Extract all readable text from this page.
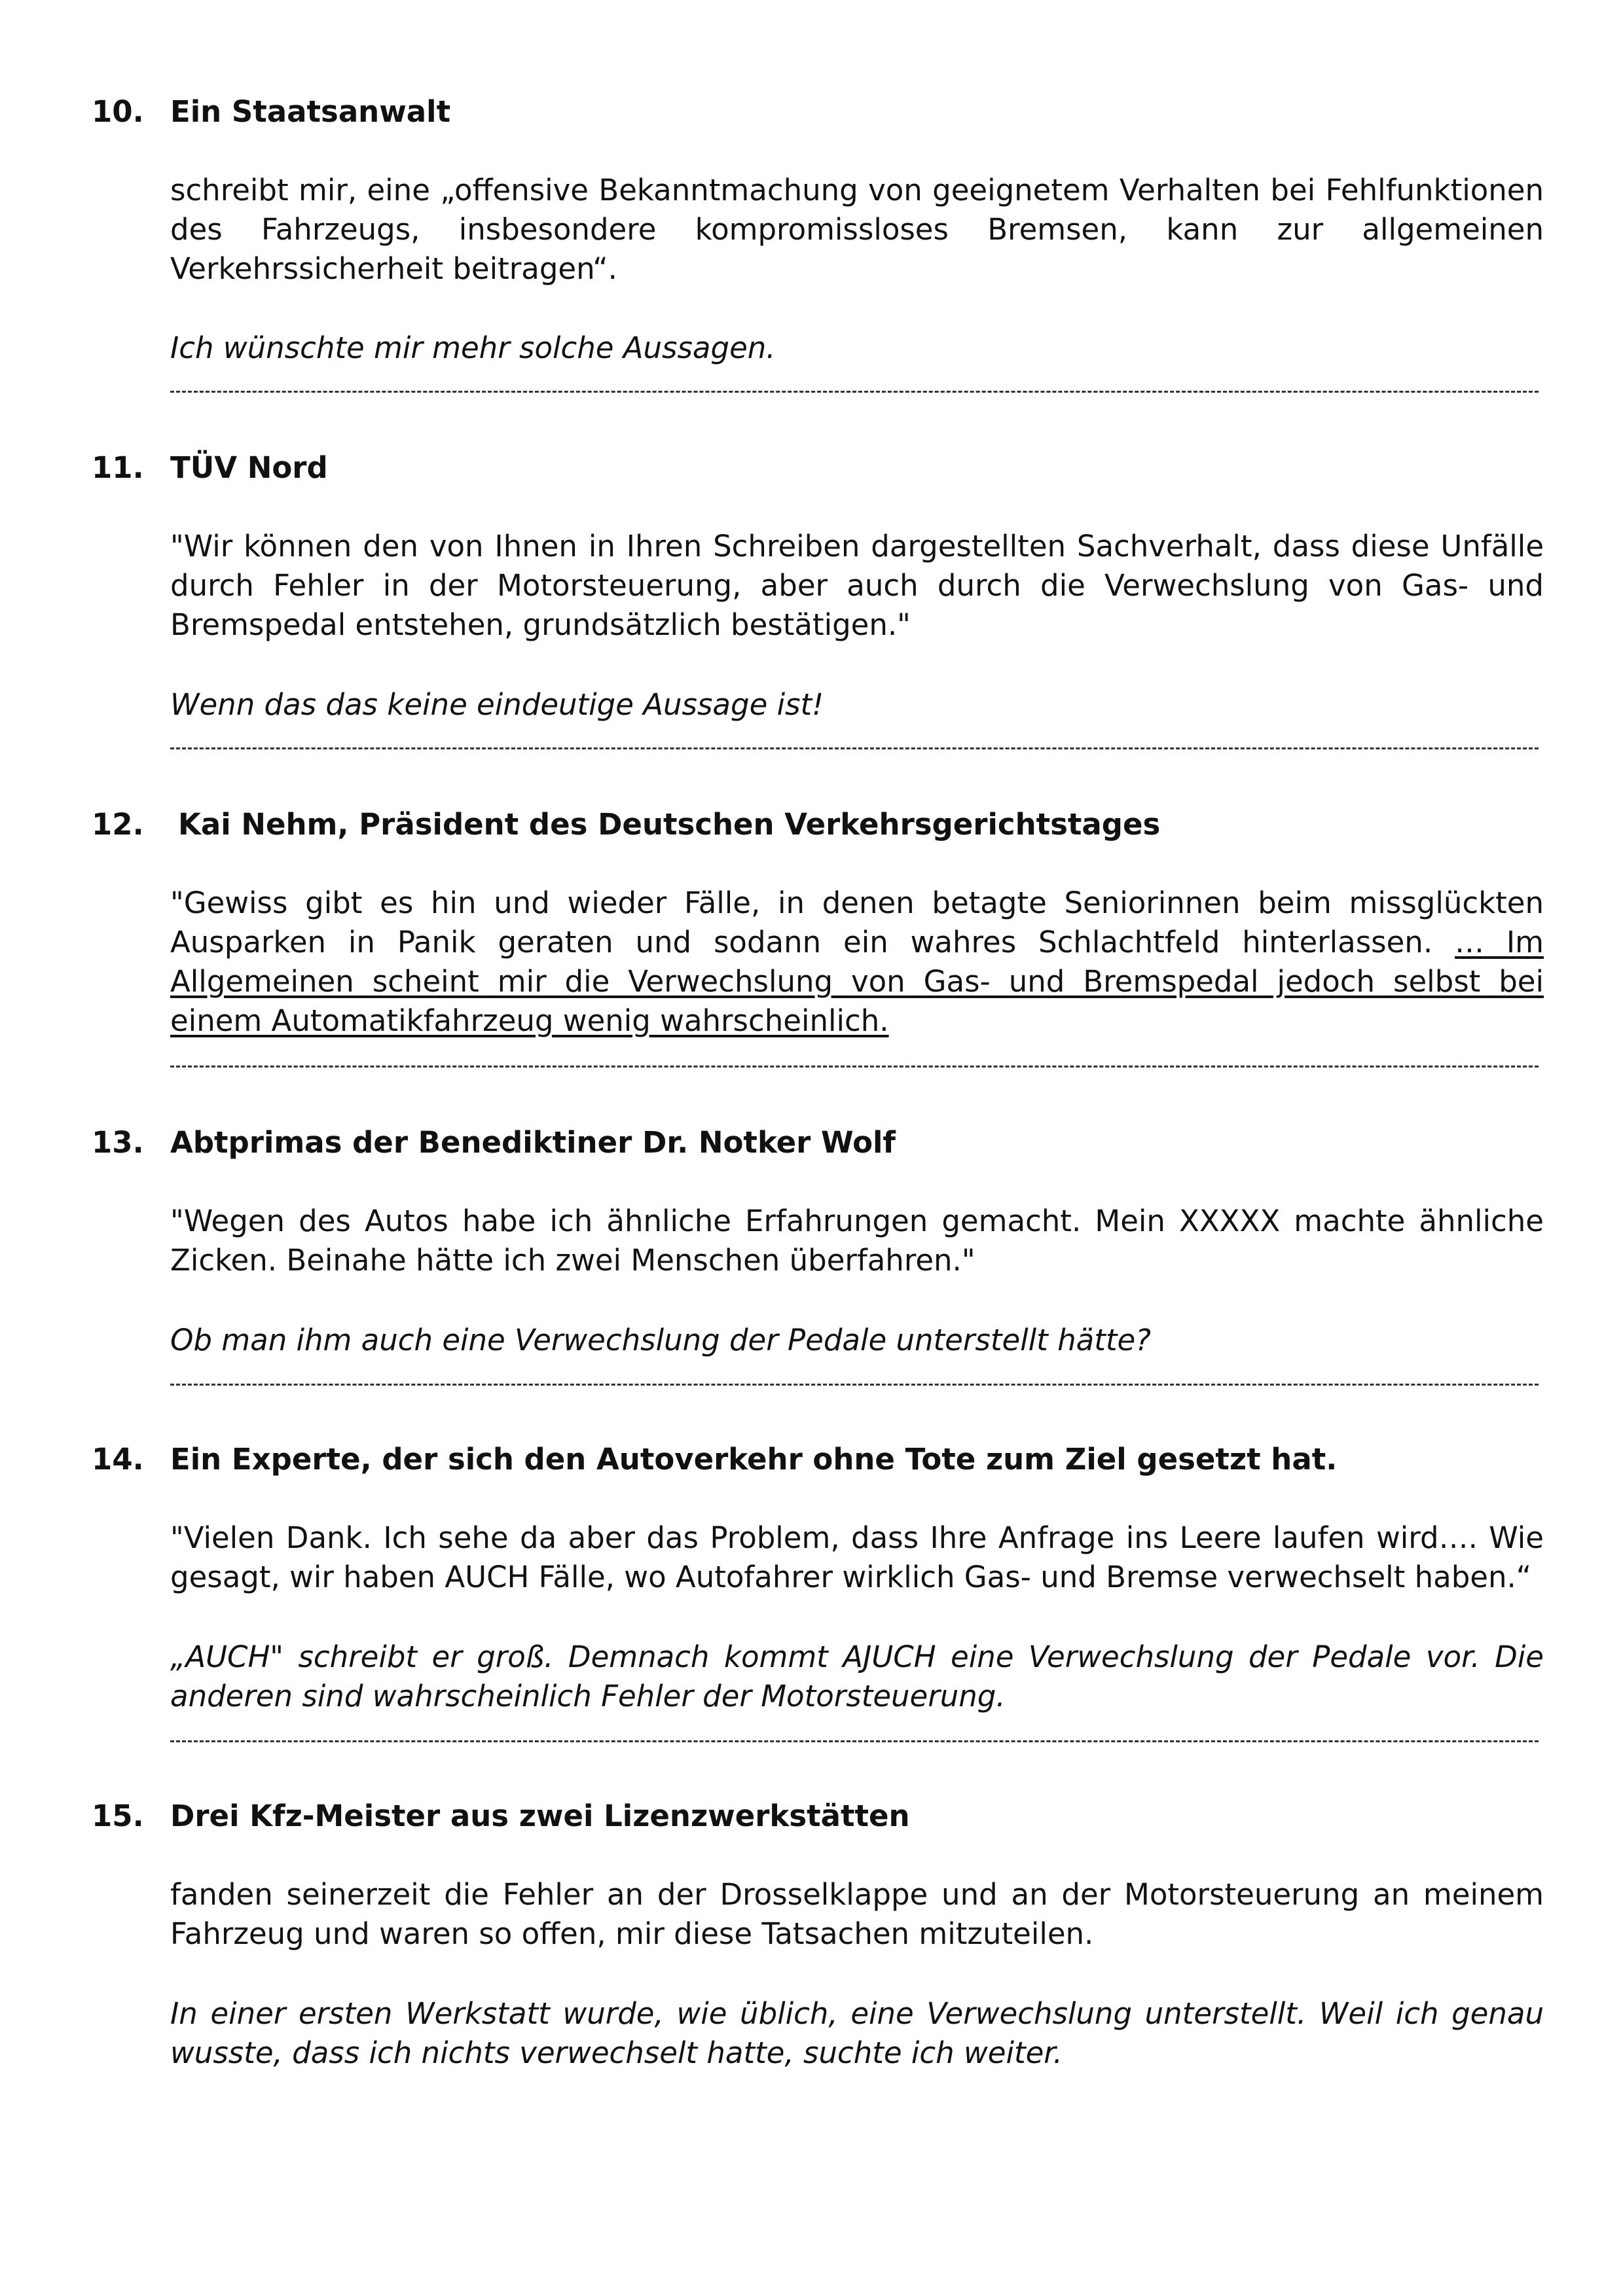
10. Ein Staatsanwalt

schreibt mir, eine „offensive Bekanntmachung von geeignetem Verhalten bei Fehlfunktionen des Fahrzeugs, insbesondere kompromissloses Bremsen, kann zur allgemeinen Verkehrssicherheit beitragen“.

Ich wünschte mir mehr solche Aussagen.

11. TÜV Nord

"Wir können den von Ihnen in Ihren Schreiben dargestellten Sachverhalt, dass diese Unfälle durch Fehler in der Motorsteuerung, aber auch durch die Verwechslung von Gas- und Bremspedal entstehen, grundsätzlich bestätigen."

Wenn das das keine eindeutige Aussage ist!

12. Kai Nehm, Präsident des Deutschen Verkehrsgerichtstages

"Gewiss gibt es hin und wieder Fälle, in denen betagte Seniorinnen beim missglückten Ausparken in Panik geraten und sodann ein wahres Schlachtfeld hinterlassen. … Im Allgemeinen scheint mir die Verwechslung von Gas- und Bremspedal jedoch selbst bei einem Automatikfahrzeug wenig wahrscheinlich.

13. Abtprimas der Benediktiner Dr. Notker Wolf

"Wegen des Autos habe ich ähnliche Erfahrungen gemacht. Mein XXXXX machte ähnliche Zicken. Beinahe hätte ich zwei Menschen überfahren."

Ob man ihm auch eine Verwechslung der Pedale unterstellt hätte?

14. Ein Experte, der sich den Autoverkehr ohne Tote zum Ziel gesetzt hat.

"Vielen Dank. Ich sehe da aber das Problem, dass Ihre Anfrage ins Leere laufen wird…. Wie gesagt, wir haben AUCH Fälle, wo Autofahrer wirklich Gas- und Bremse verwechselt haben.“

„AUCH" schreibt er groß. Demnach kommt AJUCH eine Verwechslung der Pedale vor. Die anderen sind wahrscheinlich Fehler der Motorsteuerung.

15. Drei Kfz-Meister aus zwei Lizenzwerkstätten

fanden seinerzeit die Fehler an der Drosselklappe und an der Motorsteuerung an meinem Fahrzeug und waren so offen, mir diese Tatsachen mitzuteilen.

In einer ersten Werkstatt wurde, wie üblich, eine Verwechslung unterstellt. Weil ich genau wusste, dass ich nichts verwechselt hatte, suchte ich weiter.
